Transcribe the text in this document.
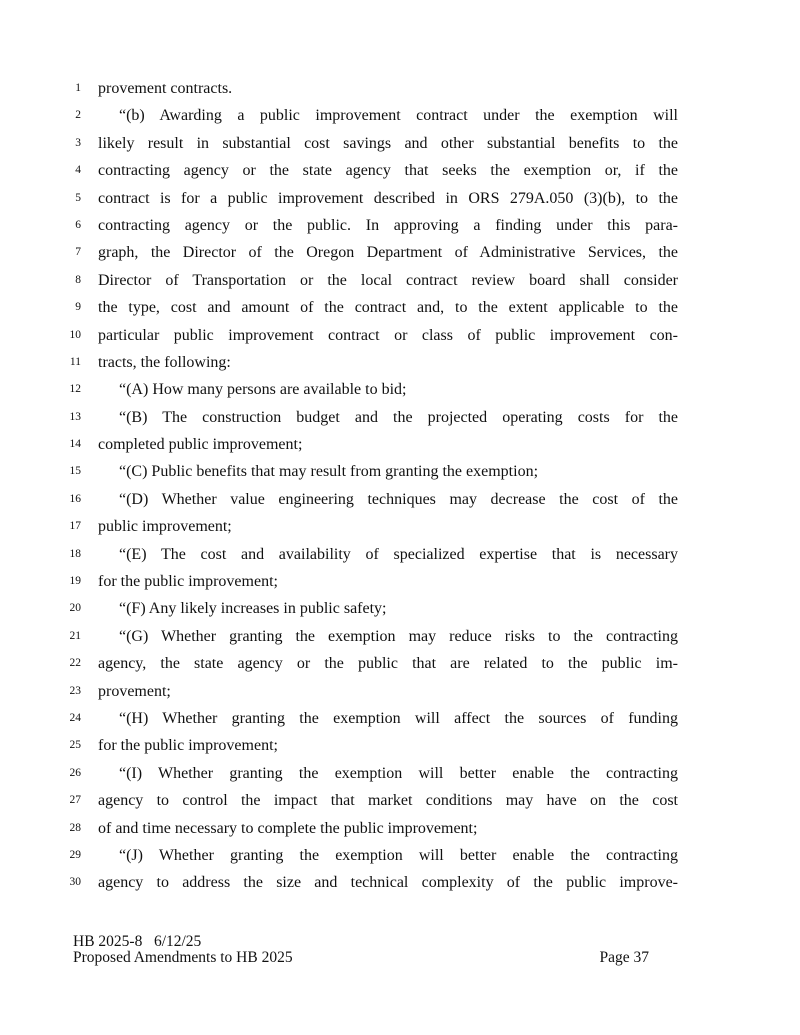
1 provement contracts.
2	“(b) Awarding a public improvement contract under the exemption will
3 likely result in substantial cost savings and other substantial benefits to the
4 contracting agency or the state agency that seeks the exemption or, if the
5 contract is for a public improvement described in ORS 279A.050 (3)(b), to the
6 contracting agency or the public. In approving a finding under this para-
7 graph, the Director of the Oregon Department of Administrative Services, the
8 Director of Transportation or the local contract review board shall consider
9 the type, cost and amount of the contract and, to the extent applicable to the
10 particular public improvement contract or class of public improvement con-
11 tracts, the following:
12	“(A) How many persons are available to bid;
13	“(B) The construction budget and the projected operating costs for the
14 completed public improvement;
15	“(C) Public benefits that may result from granting the exemption;
16	“(D) Whether value engineering techniques may decrease the cost of the
17 public improvement;
18	“(E) The cost and availability of specialized expertise that is necessary
19 for the public improvement;
20	“(F) Any likely increases in public safety;
21	“(G) Whether granting the exemption may reduce risks to the contracting
22 agency, the state agency or the public that are related to the public im-
23 provement;
24	“(H) Whether granting the exemption will affect the sources of funding
25 for the public improvement;
26	“(I) Whether granting the exemption will better enable the contracting
27 agency to control the impact that market conditions may have on the cost
28 of and time necessary to complete the public improvement;
29	“(J) Whether granting the exemption will better enable the contracting
30 agency to address the size and technical complexity of the public improve-
HB 2025-8   6/12/25
Proposed Amendments to HB 2025	Page 37
